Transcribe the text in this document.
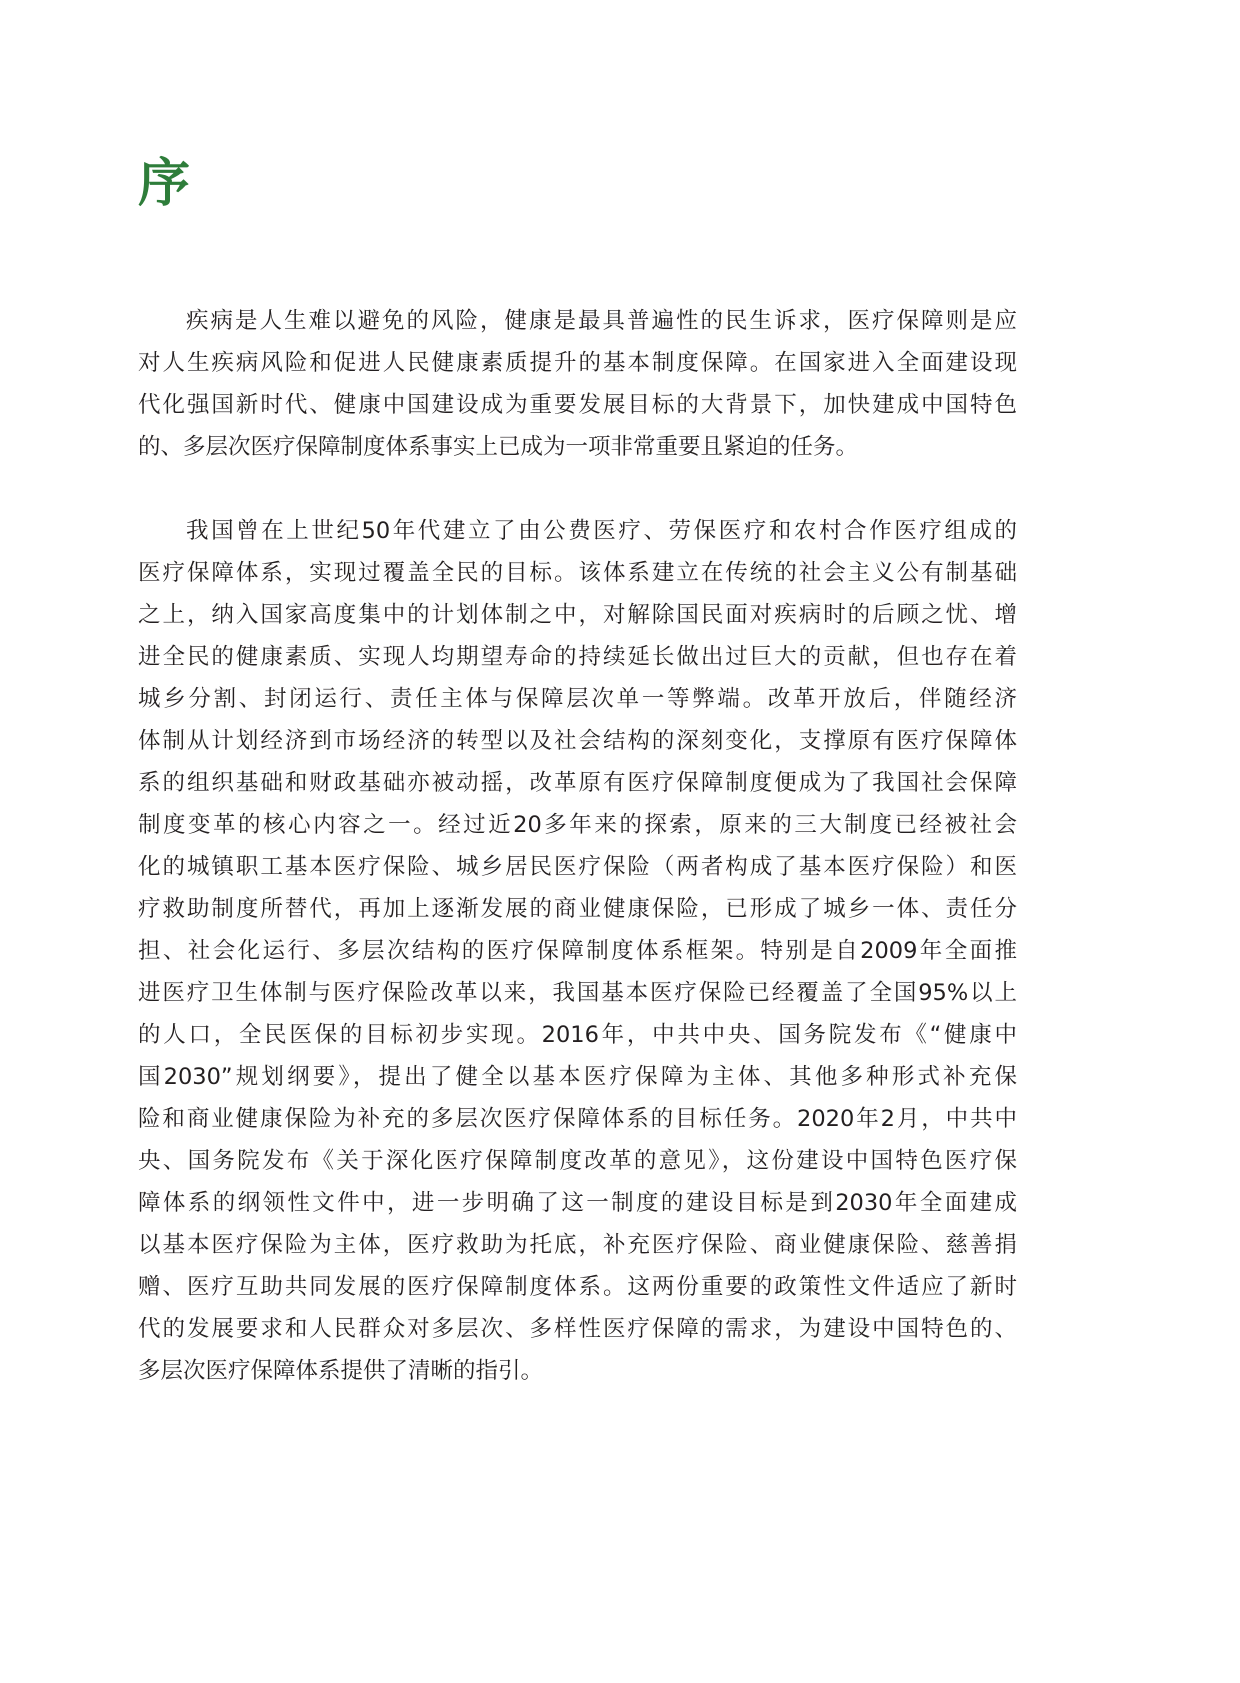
序
疾病是人生难以避免的风险，健康是最具普遍性的民生诉求，医疗保障则是应
对人生疾病风险和促进人民健康素质提升的基本制度保障。在国家进入全面建设现
代化强国新时代、健康中国建设成为重要发展目标的大背景下，加快建成中国特色
的、多层次医疗保障制度体系事实上已成为一项非常重要且紧迫的任务。
我国曾在上世纪50年代建立了由公费医疗、劳保医疗和农村合作医疗组成的
医疗保障体系，实现过覆盖全民的目标。该体系建立在传统的社会主义公有制基础
之上，纳入国家高度集中的计划体制之中，对解除国民面对疾病时的后顾之忧、增
进全民的健康素质、实现人均期望寿命的持续延长做出过巨大的贡献，但也存在着
城乡分割、封闭运行、责任主体与保障层次单一等弊端。改革开放后，伴随经济
体制从计划经济到市场经济的转型以及社会结构的深刻变化，支撑原有医疗保障体
系的组织基础和财政基础亦被动摇，改革原有医疗保障制度便成为了我国社会保障
制度变革的核心内容之一。经过近20多年来的探索，原来的三大制度已经被社会
化的城镇职工基本医疗保险、城乡居民医疗保险（两者构成了基本医疗保险）和医
疗救助制度所替代，再加上逐渐发展的商业健康保险，已形成了城乡一体、责任分
担、社会化运行、多层次结构的医疗保障制度体系框架。特别是自2009年全面推
进医疗卫生体制与医疗保险改革以来，我国基本医疗保险已经覆盖了全国95%以上
的人口，全民医保的目标初步实现。2016年，中共中央、国务院发布《“健康中
国2030”规划纲要》，提出了健全以基本医疗保障为主体、其他多种形式补充保
险和商业健康保险为补充的多层次医疗保障体系的目标任务。2020年2月，中共中
央、国务院发布《关于深化医疗保障制度改革的意见》，这份建设中国特色医疗保
障体系的纲领性文件中，进一步明确了这一制度的建设目标是到2030年全面建成
以基本医疗保险为主体，医疗救助为托底，补充医疗保险、商业健康保险、慈善捐
赠、医疗互助共同发展的医疗保障制度体系。这两份重要的政策性文件适应了新时
代的发展要求和人民群众对多层次、多样性医疗保障的需求，为建设中国特色的、
多层次医疗保障体系提供了清晰的指引。
